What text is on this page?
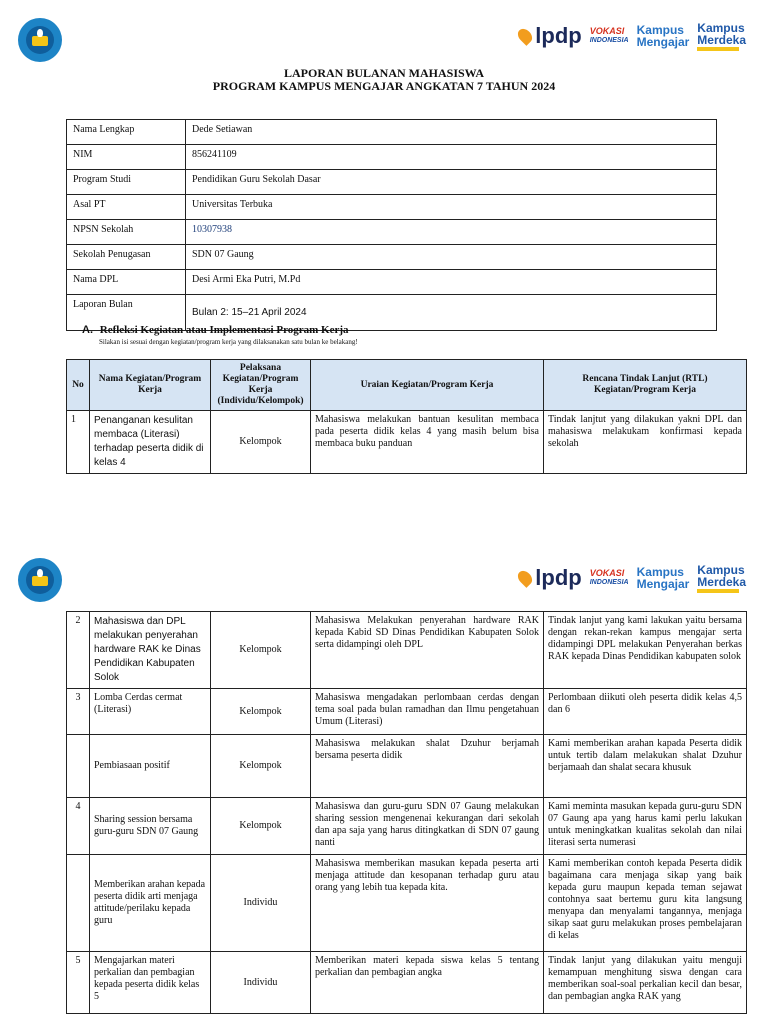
lpdp VOKASI
INDONESIA
Kampus
Mengajar
Kampus
Merdeka
LAPORAN BULANAN MAHASISWA
PROGRAM KAMPUS MENGAJAR ANGKATAN 7 TAHUN 2024
Nama Lengkap	Dede Setiawan
NIM	856241109
Program Studi	Pendidikan Guru Sekolah Dasar
Asal PT	Universitas Terbuka
NPSN Sekolah	10307938
Sekolah Penugasan	SDN 07 Gaung
Nama DPL	Desi Armi Eka Putri, M.Pd
Laporan Bulan	Bulan 2: 15–21 April 2024
A. Refleksi Kegiatan atau Implementasi Program Kerja
Silakan isi sesuai dengan kegiatan/program kerja yang dilaksanakan satu bulan ke belakang!
No	Nama Kegiatan/Program Kerja	Pelaksana Kegiatan/Program Kerja (Individu/Kelompok)	Uraian Kegiatan/Program Kerja	Rencana Tindak Lanjut (RTL) Kegiatan/Program Kerja
1	Penanganan kesulitan membaca (Literasi) terhadap peserta didik di kelas 4	Kelompok	Mahasiswa melakukan bantuan kesulitan membaca pada peserta didik kelas 4 yang masih belum bisa membaca buku panduan	Tindak lanjtut yang dilakukan yakni DPL dan mahasiswa melakukam konfirmasi kepada sekolah
lpdp VOKASI
INDONESIA
Kampus
Mengajar
Kampus
Merdeka
2	Mahasiswa dan DPL melakukan penyerahan hardware RAK ke Dinas Pendidikan Kabupaten Solok	Kelompok	Mahasiswa Melakukan penyerahan hardware RAK kepada Kabid SD Dinas Pendidikan Kabupaten Solok serta didampingi oleh DPL	Tindak lanjut yang kami lakukan yaitu bersama dengan rekan-rekan kampus mengajar serta didampingi DPL melakukan Penyerahan berkas RAK kepada Dinas Pendidikan kabupaten solok
3	Lomba Cerdas cermat (Literasi)	Kelompok	Mahasiswa mengadakan perlombaan cerdas dengan tema soal pada bulan ramadhan dan Ilmu pengetahuan Umum (Literasi)	Perlombaan diikuti oleh peserta didik kelas 4,5 dan 6
	Pembiasaan positif	Kelompok	Mahasiswa melakukan shalat Dzuhur berjamah bersama peserta didik	Kami memberikan arahan kapada Peserta didik untuk tertib dalam melakukan shalat Dzuhur berjamaah dan shalat secara khusuk
4	Sharing session bersama guru-guru SDN 07 Gaung	Kelompok	Mahasiswa dan guru-guru SDN 07 Gaung melakukan sharing session mengenenai kekurangan dari sekolah dan apa saja yang harus ditingkatkan di SDN 07 gaung nanti	Kami meminta masukan kepada guru-guru SDN 07 Gaung apa yang harus kami perlu lakukan untuk meningkatkan kualitas sekolah dan nilai literasi serta numerasi
	Memberikan arahan kepada peserta didik arti menjaga attitude/perilaku kepada guru	Individu	Mahasiswa memberikan masukan kepada peserta arti menjaga attitude dan kesopanan terhadap guru atau orang yang lebih tua kepada kita.	Kami memberikan contoh kepada Peserta didik bagaimana cara menjaga sikap yang baik kepada guru maupun kepada teman sejawat contohnya saat bertemu guru kita langsung menyapa dan menyalami tangannya, menjaga sikap saat guru melakukan proses pembelajaran di kelas
5	Mengajarkan materi perkalian dan pembagian kepada peserta didik kelas 5	Individu	Memberikan materi kepada siswa kelas 5 tentang perkalian dan pembagian angka	Tindak lanjut yang dilakukan yaitu menguji kemampuan menghitung siswa dengan cara memberikan soal-soal perkalian kecil dan besar, dan pembagian angka RAK yang
